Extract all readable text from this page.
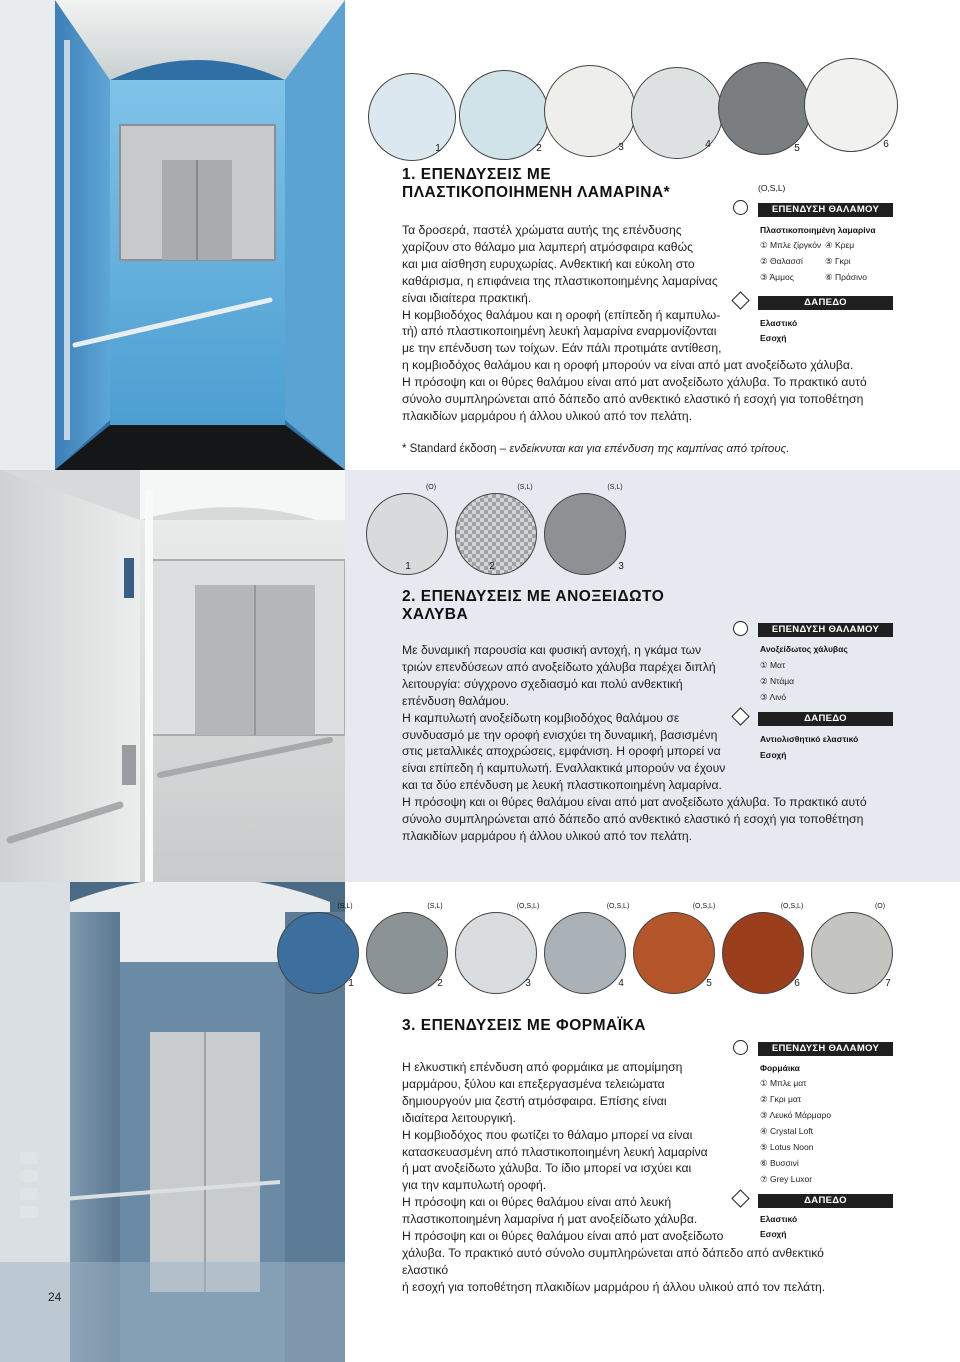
1	2	3	4	5	6
1. ΕΠΕΝΔΥΣΕΙΣ ΜΕ
ΠΛΑΣΤΙΚΟΠΟΙΗΜΕΝΗ ΛΑΜΑΡΙΝΑ*

Τα δροσερά, παστέλ χρώματα αυτής της επένδυσης

χαρίζουν στο θάλαμο μια λαμπερή ατμόσφαιρα καθώς

και μια αίσθηση ευρυχωρίας. Ανθεκτική και εύκολη στο

καθάρισμα, η επιφάνεια της πλαστικοποιημένης λαμαρίνας

είναι ιδιαίτερα πρακτική.

Η κομβιοδόχος θαλάμου και η οροφή (επίπεδη ή καμπυλω-

τή) από πλαστικοποιημένη λευκή λαμαρίνα εναρμονίζονται

με την επένδυση των τοίχων. Εάν πάλι προτιμάτε αντίθεση,

η κομβιοδόχος θαλάμου και η οροφή μπορούν να είναι από ματ ανοξείδωτο χάλυβα.

Η πρόσοψη και οι θύρες θαλάμου είναι από ματ ανοξείδωτο χάλυβα. Το πρακτικό αυτό

σύνολο συμπληρώνεται από δάπεδο από ανθεκτικό ελαστικό ή εσοχή για τοποθέτηση

πλακιδίων μαρμάρου ή άλλου υλικού από τον πελάτη.

* Standard έκδοση – ενδείκνυται και για επένδυση της καμπίνας από τρίτους.
(O,S,L)
ΕΠΕΝΔΥΣΗ ΘΑΛΑΜΟΥ
Πλαστικοποιημένη λαμαρίνα
① Μπλε ζίργκόν ④ Κρεμ
② Θαλασσί	⑤ Γκρι
③ Άμμος	⑥ Πράσινο
ΔΑΠΕΔΟ
Ελαστικό
Εσοχή
(O)	(S,L)	(S,L)
1	2	3
2. ΕΠΕΝΔΥΣΕΙΣ ΜΕ ΑΝΟΞΕΙΔΩΤΟ
ΧΑΛΥΒΑ

Με δυναμική παρουσία και φυσική αντοχή, η γκάμα των

τριών επενδύσεων από ανοξείδωτο χάλυβα παρέχει διπλή

λειτουργία: σύγχρονο σχεδιασμό και πολύ ανθεκτική

επένδυση θαλάμου.

Η καμπυλωτή ανοξείδωτη κομβιοδόχος θαλάμου σε

συνδυασμό με την οροφή ενισχύει τη δυναμική, βασισμένη

στις μεταλλικές αποχρώσεις, εμφάνιση. Η οροφή μπορεί να

είναι επίπεδη ή καμπυλωτή. Εναλλακτικά μπορούν να έχουν

και τα δύο επένδυση με λευκή πλαστικοποιημένη λαμαρίνα.

Η πρόσοψη και οι θύρες θαλάμου είναι από ματ ανοξείδωτο χάλυβα. Το πρακτικό αυτό

σύνολο συμπληρώνεται από δάπεδο από ανθεκτικό ελαστικό ή εσοχή για τοποθέτηση

πλακιδίων μαρμάρου ή άλλου υλικού από τον πελάτη.

ΕΠΕΝΔΥΣΗ ΘΑΛΑΜΟΥ
Ανοξείδωτος χάλυβας
① Ματ
② Ντάμα
③ Λινό
ΔΑΠΕΔΟ
Αντιολισθητικό ελαστικό
Εσοχή
(S,L)	(S,L)	(O,S,L)	(O,S,L)	(O,S,L)	(O,S,L)	(O)
1	2	3	4	5	6	7
3. ΕΠΕΝΔΥΣΕΙΣ ΜΕ ΦΟΡΜΑΪΚΑ

Η ελκυστική επένδυση από φορμάικα με απομίμηση

μαρμάρου, ξύλου και επεξεργασμένα τελειώματα

δημιουργούν μια ζεστή ατμόσφαιρα. Επίσης είναι

ιδιαίτερα λειτουργική.

Η κομβιοδόχος που φωτίζει το θάλαμο μπορεί να είναι

κατασκευασμένη από πλαστικοποιημένη λευκή λαμαρίνα

ή ματ ανοξείδωτο χάλυβα. Το ίδιο μπορεί να ισχύει και

για την καμπυλωτή οροφή.

Η πρόσοψη και οι θύρες θαλάμου είναι από λευκή

πλαστικοποιημένη λαμαρίνα ή ματ ανοξείδωτο χάλυβα.

Η πρόσοψη και οι θύρες θαλάμου είναι από ματ ανοξείδωτο

χάλυβα. Το πρακτικό αυτό σύνολο συμπληρώνεται από δάπεδο από ανθεκτικό ελαστικό

ή εσοχή για τοποθέτηση πλακιδίων μαρμάρου ή άλλου υλικού από τον πελάτη.

ΕΠΕΝΔΥΣΗ ΘΑΛΑΜΟΥ
Φορμάικα
① Μπλε ματ
② Γκρι ματ
③ Λευκό Μάρμαρο
④ Crystal Loft
⑤ Lotus Noon
⑥ Βυσσινί
⑦ Grey Luxor
ΔΑΠΕΔΟ
Ελαστικό
Εσοχή
24
